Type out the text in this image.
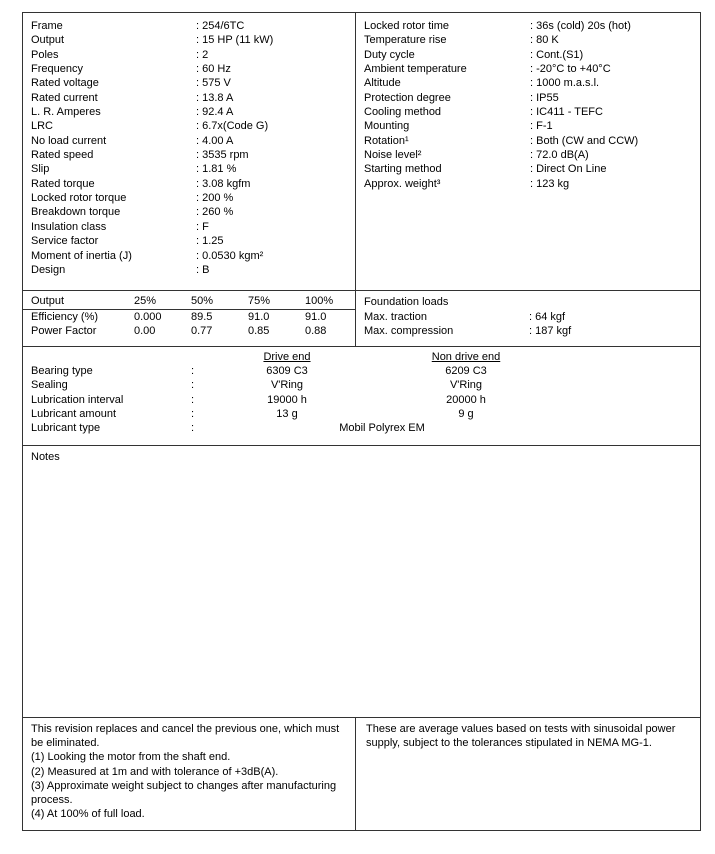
Frame	: 254/6TC
Output	: 15 HP (11 kW)
Poles	: 2
Frequency	: 60 Hz
Rated voltage	: 575 V
Rated current	: 13.8 A
L. R. Amperes	: 92.4 A
LRC	: 6.7x(Code G)
No load current	: 4.00 A
Rated speed	: 3535 rpm
Slip	: 1.81 %
Rated torque	: 3.08 kgfm
Locked rotor torque	: 200 %
Breakdown torque	: 260 %
Insulation class	: F
Service factor	: 1.25
Moment of inertia (J)	: 0.0530 kgm²
Design	: B
Locked rotor time	: 36s (cold) 20s (hot)
Temperature rise	: 80 K
Duty cycle	: Cont.(S1)
Ambient temperature	: -20°C to +40°C
Altitude	: 1000 m.a.s.l.
Protection degree	: IP55
Cooling method	: IC411 - TEFC
Mounting	: F-1
Rotation¹	: Both (CW and CCW)
Noise level²	: 72.0 dB(A)
Starting method	: Direct On Line
Approx. weight³	: 123 kg
Output	25%	50%	75%	100%
Efficiency (%)	0.000	89.5	91.0	91.0
Power Factor	0.00	0.77	0.85	0.88
Foundation loads
Max. traction	: 64 kgf
Max. compression	: 187 kgf
Drive end	Non drive end
Bearing type :	6309 C3	6209 C3
Sealing :	V'Ring	V'Ring
Lubrication interval :	19000 h	20000 h
Lubricant amount :	13 g	9 g
Lubricant type :	Mobil Polyrex EM
Notes
This revision replaces and cancel the previous one, which must be eliminated.
(1) Looking the motor from the shaft end.
(2) Measured at 1m and with tolerance of +3dB(A).
(3) Approximate weight subject to changes after manufacturing process.
(4) At 100% of full load.
These are average values based on tests with sinusoidal power supply, subject to the tolerances stipulated in NEMA MG-1.
